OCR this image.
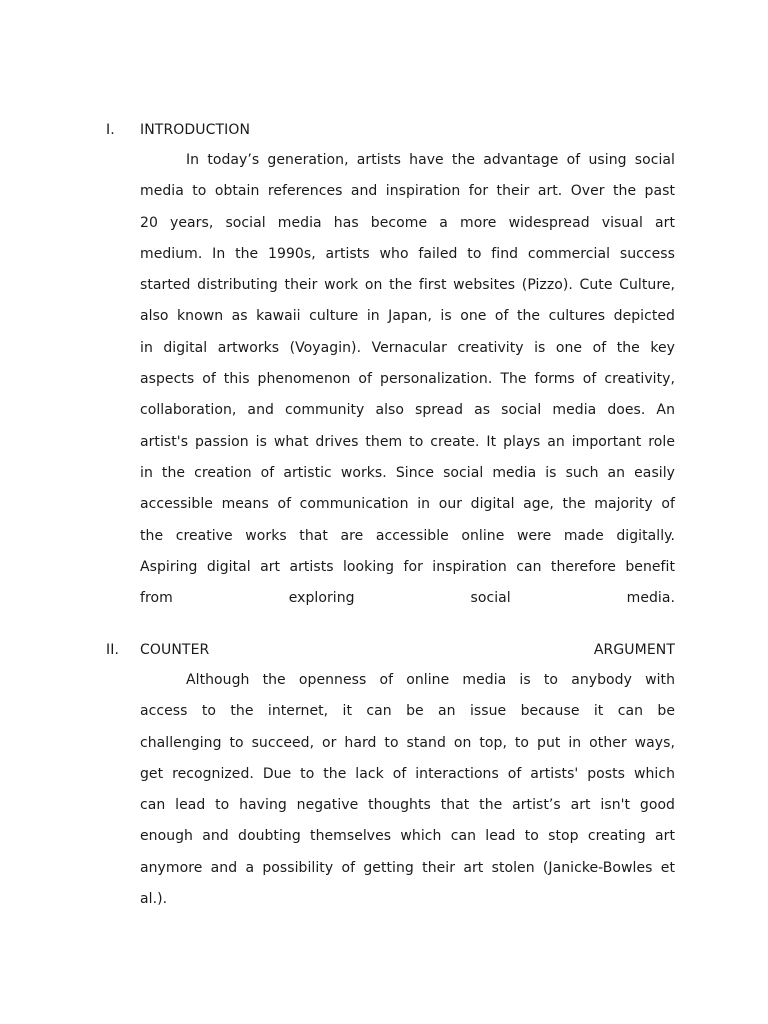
I. INTRODUCTION
In today’s generation, artists have the advantage of using social
media to obtain references and inspiration for their art. Over the past
20 years, social media has become a more widespread visual art
medium. In the 1990s, artists who failed to find commercial success
started distributing their work on the first websites (Pizzo). Cute Culture,
also known as kawaii culture in Japan, is one of the cultures depicted
in digital artworks (Voyagin). Vernacular creativity is one of the key
aspects of this phenomenon of personalization. The forms of creativity,
collaboration, and community also spread as social media does. An
artist's passion is what drives them to create. It plays an important role
in the creation of artistic works. Since social media is such an easily
accessible means of communication in our digital age, the majority of
the creative works that are accessible online were made digitally.
Aspiring digital art artists looking for inspiration can therefore benefit
from exploring social media.
II. COUNTER	ARGUMENT
Although the openness of online media is to anybody with
access to the internet, it can be an issue because it can be
challenging to succeed, or hard to stand on top, to put in other ways,
get recognized. Due to the lack of interactions of artists' posts which
can lead to having negative thoughts that the artist’s art isn't good
enough and doubting themselves which can lead to stop creating art
anymore and a possibility of getting their art stolen (Janicke-Bowles et
al.).
